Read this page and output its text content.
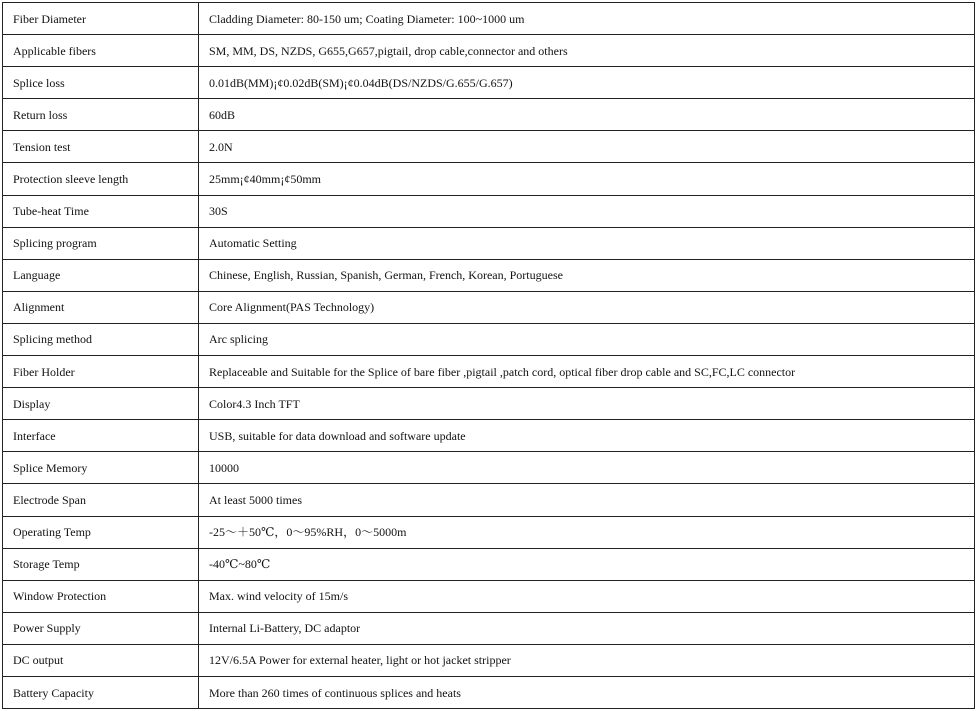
Fiber Diameter	Cladding Diameter: 80-150 um; Coating Diameter: 100~1000 um
Applicable fibers	SM, MM, DS, NZDS, G655,G657,pigtail, drop cable,connector and others
Splice loss	0.01dB(MM)¡¢0.02dB(SM)¡¢0.04dB(DS/NZDS/G.655/G.657)
Return loss	60dB
Tension test	2.0N
Protection sleeve length	25mm¡¢40mm¡¢50mm
Tube-heat Time	30S
Splicing program	Automatic Setting
Language	Chinese, English, Russian, Spanish, German, French, Korean, Portuguese
Alignment	Core Alignment(PAS Technology)
Splicing method	Arc splicing
Fiber Holder	Replaceable and Suitable for the Splice of bare fiber ,pigtail ,patch cord, optical fiber drop cable and SC,FC,LC connector
Display	Color4.3 Inch TFT
Interface	USB, suitable for data download and software update
Splice Memory	10000
Electrode Span	At least 5000 times
Operating Temp	-25～＋50℃，0～95%RH，0～5000m
Storage Temp	-40℃~80℃
Window Protection	Max. wind velocity of 15m/s
Power Supply	Internal Li-Battery, DC adaptor
DC output	12V/6.5A Power for external heater, light or hot jacket stripper
Battery Capacity	More than 260 times of continuous splices and heats
